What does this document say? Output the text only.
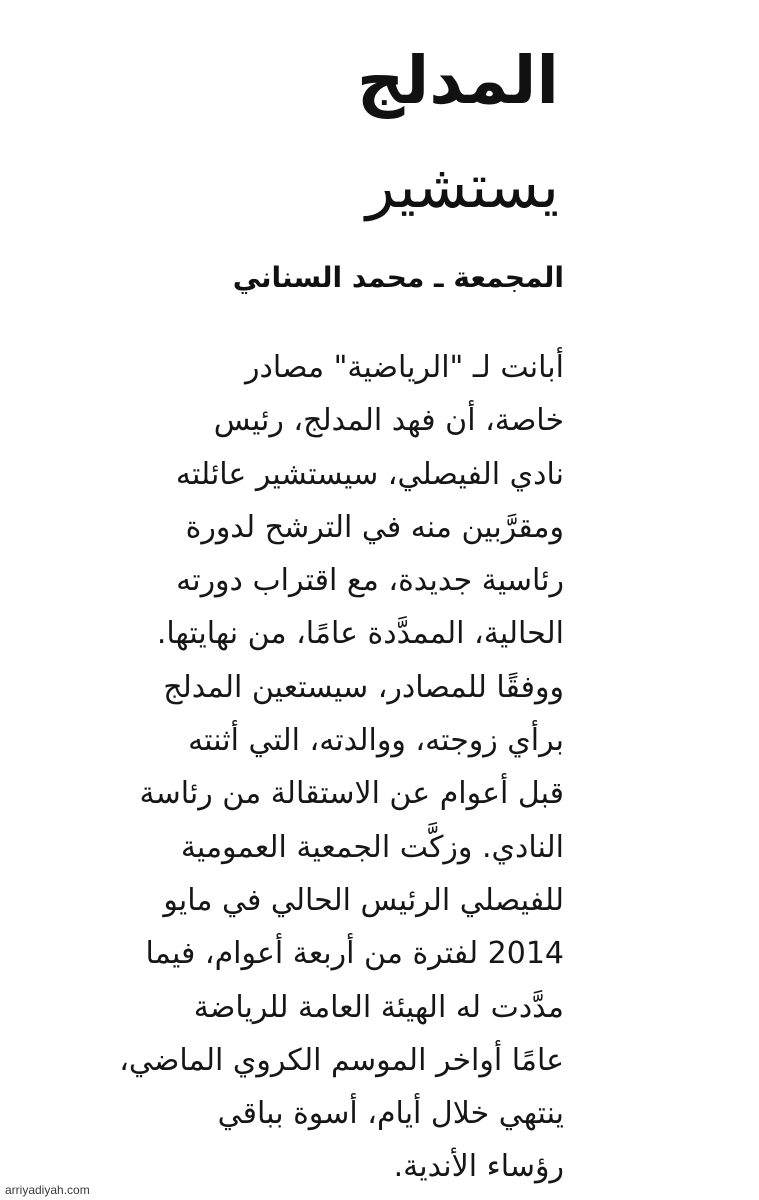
المدلج
يستشير
المجمعة ـ محمد السناني
أبانت لـ "الرياضية" مصادر
خاصة، أن فهد المدلج، رئيس
نادي الفيصلي، سيستشير عائلته
ومقرَّبين منه في الترشح لدورة
رئاسية جديدة، مع اقتراب دورته
الحالية، الممدَّدة عامًا، من نهايتها.
ووفقًا للمصادر، سيستعين المدلج
برأي زوجته، ووالدته، التي أثنته
قبل أعوام عن الاستقالة من رئاسة
النادي. وزكَّت الجمعية العمومية
للفيصلي الرئيس الحالي في مايو
2014 لفترة من أربعة أعوام، فيما
مدَّدت له الهيئة العامة للرياضة
عامًا أواخر الموسم الكروي الماضي،
ينتهي خلال أيام، أسوة بباقي
رؤساء الأندية.
arriyadiyah.com
